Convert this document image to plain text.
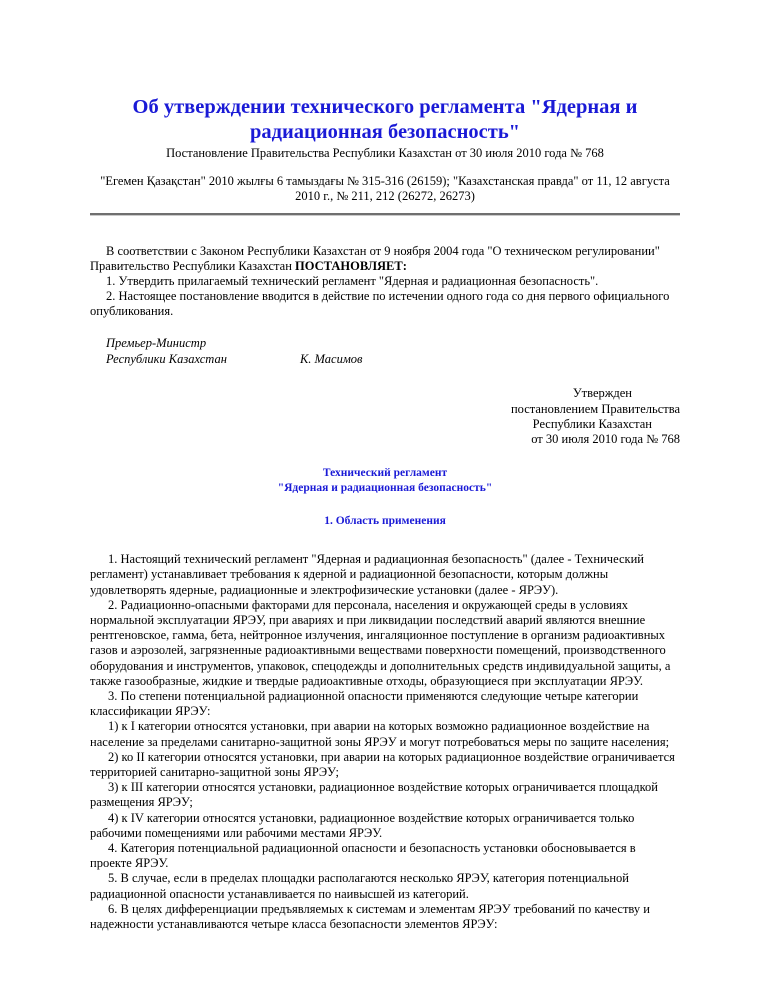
Об утверждении технического регламента "Ядерная и радиационная безопасность"
Постановление Правительства Республики Казахстан от 30 июля 2010 года № 768
"Егемен Қазақстан" 2010 жылғы 6 тамыздағы № 315-316 (26159); "Казахстанская правда" от 11, 12 августа 2010 г., № 211, 212 (26272, 26273)

В соответствии с Законом Республики Казахстан от 9 ноября 2004 года "О техническом регулировании" Правительство Республики Казахстан ПОСТАНОВЛЯЕТ:

1. Утвердить прилагаемый технический регламент "Ядерная и радиационная безопасность".

2. Настоящее постановление вводится в действие по истечении одного года со дня первого официального опубликования.

Премьер-Министр
Республики Казахстан	К. Масимов
Утвержден
постановлением Правительства
Республики Казахстан
от 30 июля 2010 года № 768
Технический регламент
"Ядерная и радиационная безопасность"
1. Область применения

1. Настоящий технический регламент "Ядерная и радиационная безопасность" (далее - Технический регламент) устанавливает требования к ядерной и радиационной безопасности, которым должны удовлетворять ядерные, радиационные и электрофизические установки (далее - ЯРЭУ).

2. Радиационно-опасными факторами для персонала, населения и окружающей среды в условиях нормальной эксплуатации ЯРЭУ, при авариях и при ликвидации последствий аварий являются внешние рентгеновское, гамма, бета, нейтронное излучения, ингаляционное поступление в организм радиоактивных газов и аэрозолей, загрязненные радиоактивными веществами поверхности помещений, производственного оборудования и инструментов, упаковок, спецодежды и дополнительных средств индивидуальной защиты, а также газообразные, жидкие и твердые радиоактивные отходы, образующиеся при эксплуатации ЯРЭУ.

3. По степени потенциальной радиационной опасности применяются следующие четыре категории классификации ЯРЭУ:

1) к I категории относятся установки, при аварии на которых возможно радиационное воздействие на население за пределами санитарно-защитной зоны ЯРЭУ и могут потребоваться меры по защите населения;

2) ко II категории относятся установки, при аварии на которых радиационное воздействие ограничивается территорией санитарно-защитной зоны ЯРЭУ;

3) к III категории относятся установки, радиационное воздействие которых ограничивается площадкой размещения ЯРЭУ;

4) к IV категории относятся установки, радиационное воздействие которых ограничивается только рабочими помещениями или рабочими местами ЯРЭУ.

4. Категория потенциальной радиационной опасности и безопасность установки обосновывается в проекте ЯРЭУ.

5. В случае, если в пределах площадки располагаются несколько ЯРЭУ, категория потенциальной радиационной опасности устанавливается по наивысшей из категорий.

6. В целях дифференциации предъявляемых к системам и элементам ЯРЭУ требований по качеству и надежности устанавливаются четыре класса безопасности элементов ЯРЭУ:
